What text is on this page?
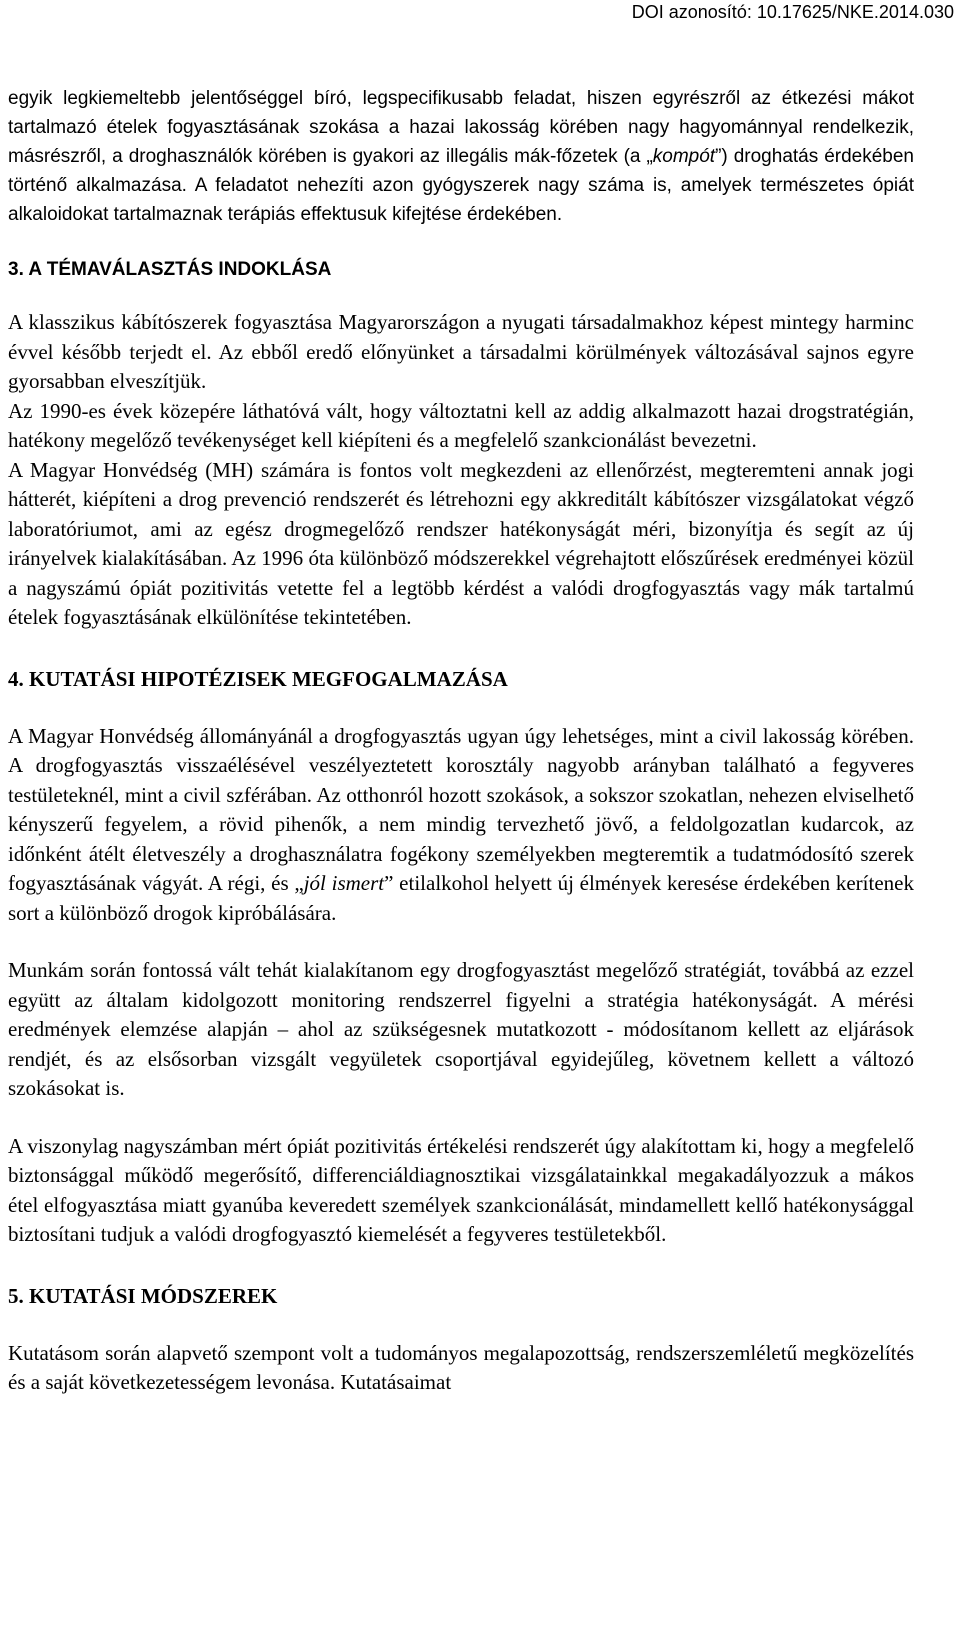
DOI azonosító: 10.17625/NKE.2014.030

egyik legkiemeltebb jelentőséggel bíró, legspecifikusabb feladat, hiszen egyrészről az étkezési mákot tartalmazó ételek fogyasztásának szokása a hazai lakosság körében nagy hagyománnyal rendelkezik, másrészről, a droghasználók körében is gyakori az illegális mák-főzetek (a „kompót”) droghatás érdekében történő alkalmazása. A feladatot nehezíti azon gyógyszerek nagy száma is, amelyek természetes ópiát alkaloidokat tartalmaznak terápiás effektusuk kifejtése érdekében.

3. A TÉMAVÁLASZTÁS INDOKLÁSA

A klasszikus kábítószerek fogyasztása Magyarországon a nyugati társadalmakhoz képest mintegy harminc évvel később terjedt el. Az ebből eredő előnyünket a társadalmi körülmények változásával sajnos egyre gyorsabban elveszítjük.

Az 1990-es évek közepére láthatóvá vált, hogy változtatni kell az addig alkalmazott hazai drogstratégián, hatékony megelőző tevékenységet kell kiépíteni és a megfelelő szankcionálást bevezetni.

A Magyar Honvédség (MH) számára is fontos volt megkezdeni az ellenőrzést, megteremteni annak jogi hátterét, kiépíteni a drog prevenció rendszerét és létrehozni egy akkreditált kábítószer vizsgálatokat végző laboratóriumot, ami az egész drogmegelőző rendszer hatékonyságát méri, bizonyítja és segít az új irányelvek kialakításában. Az 1996 óta különböző módszerekkel végrehajtott előszűrések eredményei közül a nagyszámú ópiát pozitivitás vetette fel a legtöbb kérdést a valódi drogfogyasztás vagy mák tartalmú ételek fogyasztásának elkülönítése tekintetében.

4. KUTATÁSI HIPOTÉZISEK MEGFOGALMAZÁSA

A Magyar Honvédség állományánál a drogfogyasztás ugyan úgy lehetséges, mint a civil lakosság körében. A drogfogyasztás visszaélésével veszélyeztetett korosztály nagyobb arányban található a fegyveres testületeknél, mint a civil szférában. Az otthonról hozott szokások, a sokszor szokatlan, nehezen elviselhető kényszerű fegyelem, a rövid pihenők, a nem mindig tervezhető jövő, a feldolgozatlan kudarcok, az időnként átélt életveszély a droghasználatra fogékony személyekben megteremtik a tudatmódosító szerek fogyasztásának vágyát. A régi, és „jól ismert” etilalkohol helyett új élmények keresése érdekében kerítenek sort a különböző drogok kipróbálására.

Munkám során fontossá vált tehát kialakítanom egy drogfogyasztást megelőző stratégiát, továbbá az ezzel együtt az általam kidolgozott monitoring rendszerrel figyelni a stratégia hatékonyságát. A mérési eredmények elemzése alapján – ahol az szükségesnek mutatkozott - módosítanom kellett az eljárások rendjét, és az elsősorban vizsgált vegyületek csoportjával egyidejűleg, követnem kellett a változó szokásokat is.

A viszonylag nagyszámban mért ópiát pozitivitás értékelési rendszerét úgy alakítottam ki, hogy a megfelelő biztonsággal működő megerősítő, differenciáldiagnosztikai vizsgálatainkkal megakadályozzuk a mákos étel elfogyasztása miatt gyanúba keveredett személyek szankcionálását, mindamellett kellő hatékonysággal biztosítani tudjuk a valódi drogfogyasztó kiemelését a fegyveres testületekből.

5. KUTATÁSI MÓDSZEREK

Kutatásom során alapvető szempont volt a tudományos megalapozottság, rendszerszemléletű megközelítés és a saját következetességem levonása. Kutatásaimat
